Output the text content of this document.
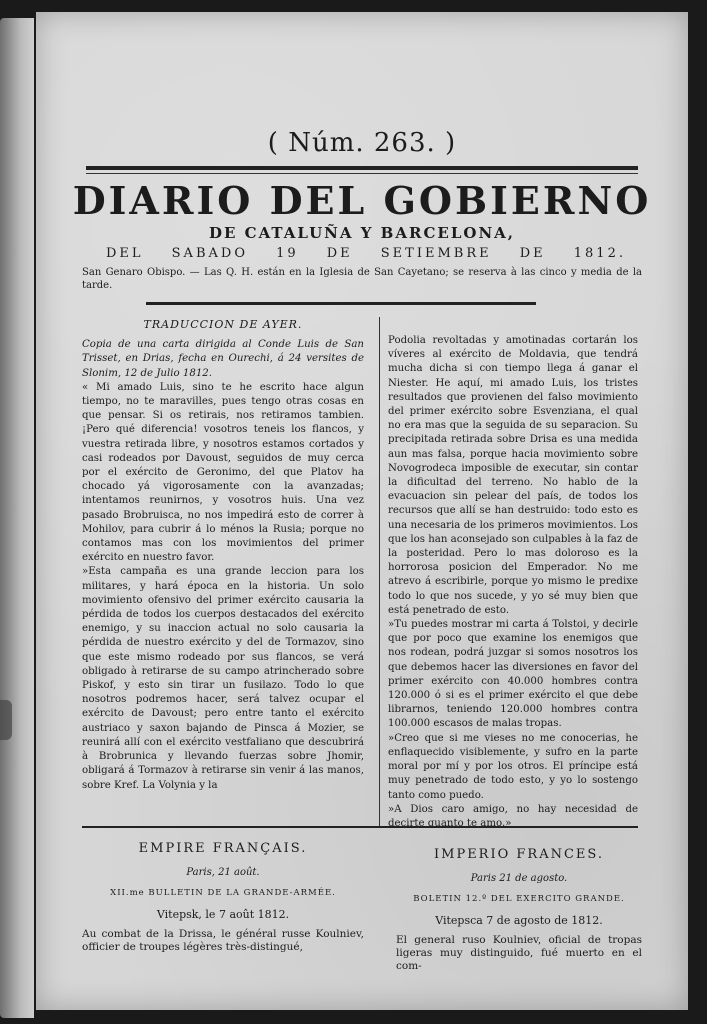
( Núm. 263. )
DIARIO DEL GOBIERNO
DE CATALUÑA Y BARCELONA,
DEL SABADO 19 DE SETIEMBRE DE 1812.
San Genaro Obispo. — Las Q. H. están en la Iglesia de San Cayetano; se reserva à las cinco y media de la tarde.
TRADUCCION DE AYER.

Copia de una carta dirigida al Conde Luis de San Trisset, en Drias, fecha en Ourechi, á 24 versites de Slonim, 12 de Julio 1812.

« Mi amado Luis, sino te he escrito hace algun tiempo, no te maravilles, pues tengo otras cosas en que pensar. Si os retirais, nos retiramos tambien. ¡Pero qué diferencia! vosotros teneis los flancos, y vuestra retirada libre, y nosotros estamos cortados y casi rodeados por Davoust, seguidos de muy cerca por el exército de Geronimo, del que Platov ha chocado yá vigorosamente con la avanzadas; intentamos reunirnos, y vosotros huis. Una vez pasado Brobruisca, no nos impedirá esto de correr à Mohilov, para cubrir á lo ménos la Rusia; porque no contamos mas con los movimientos del primer exército en nuestro favor.

»Esta campaña es una grande leccion para los militares, y hará época en la historia. Un solo movimiento ofensivo del primer exército causaria la pérdida de todos los cuerpos destacados del exército enemigo, y su inaccion actual no solo causaria la pérdida de nuestro exército y del de Tormazov, sino que este mismo rodeado por sus flancos, se verá obligado à retirarse de su campo atrincherado sobre Piskof, y esto sin tirar un fusilazo. Todo lo que nosotros podremos hacer, será talvez ocupar el exército de Davoust; pero entre tanto el exército austriaco y saxon bajando de Pinsca á Mozier, se reunirá allí con el exército vestfaliano que descubrirá à Brobrunica y llevando fuerzas sobre Jhomir, obligará á Tormazov à retirarse sin venir á las manos, sobre Kref. La Volynia y la

Podolia revoltadas y amotinadas cortarán los víveres al exército de Moldavia, que tendrá mucha dicha si con tiempo llega á ganar el Niester. He aquí, mi amado Luis, los tristes resultados que provienen del falso movimiento del primer exército sobre Esvenziana, el qual no era mas que la seguida de su separacion. Su precipitada retirada sobre Drisa es una medida aun mas falsa, porque hacia movimiento sobre Novogrodeca imposible de executar, sin contar la dificultad del terreno. No hablo de la evacuacion sin pelear del país, de todos los recursos que allí se han destruido: todo esto es una necesaria de los primeros movimientos. Los que los han aconsejado son culpables à la faz de la posteridad. Pero lo mas doloroso es la horrorosa posicion del Emperador. No me atrevo á escribirle, porque yo mismo le predixe todo lo que nos sucede, y yo sé muy bien que está penetrado de esto.

»Tu puedes mostrar mi carta á Tolstoi, y decirle que por poco que examine los enemigos que nos rodean, podrá juzgar si somos nosotros los que debemos hacer las diversiones en favor del primer exército con 40.000 hombres contra 120.000 ó si es el primer exército el que debe librarnos, teniendo 120.000 hombres contra 100.000 escasos de malas tropas.

»Creo que si me vieses no me conocerias, he enflaquecido visiblemente, y sufro en la parte moral por mí y por los otros. El príncipe está muy penetrado de todo esto, y yo lo sostengo tanto como puedo.

»A Dios caro amigo, no hay necesidad de decirte quanto te amo.»

EMPIRE FRANÇAIS.
Paris, 21 août.
XII.me BULLETIN DE LA GRANDE-ARMÉE.
Vitepsk, le 7 août 1812.
Au combat de la Drissa, le général russe Koulniev, officier de troupes légères très-distingué,
IMPERIO FRANCES.
Paris 21 de agosto.
BOLETIN 12.º DEL EXERCITO GRANDE.
Vitepsca 7 de agosto de 1812.
El general ruso Koulniev, oficial de tropas ligeras muy distinguido, fué muerto en el com-
